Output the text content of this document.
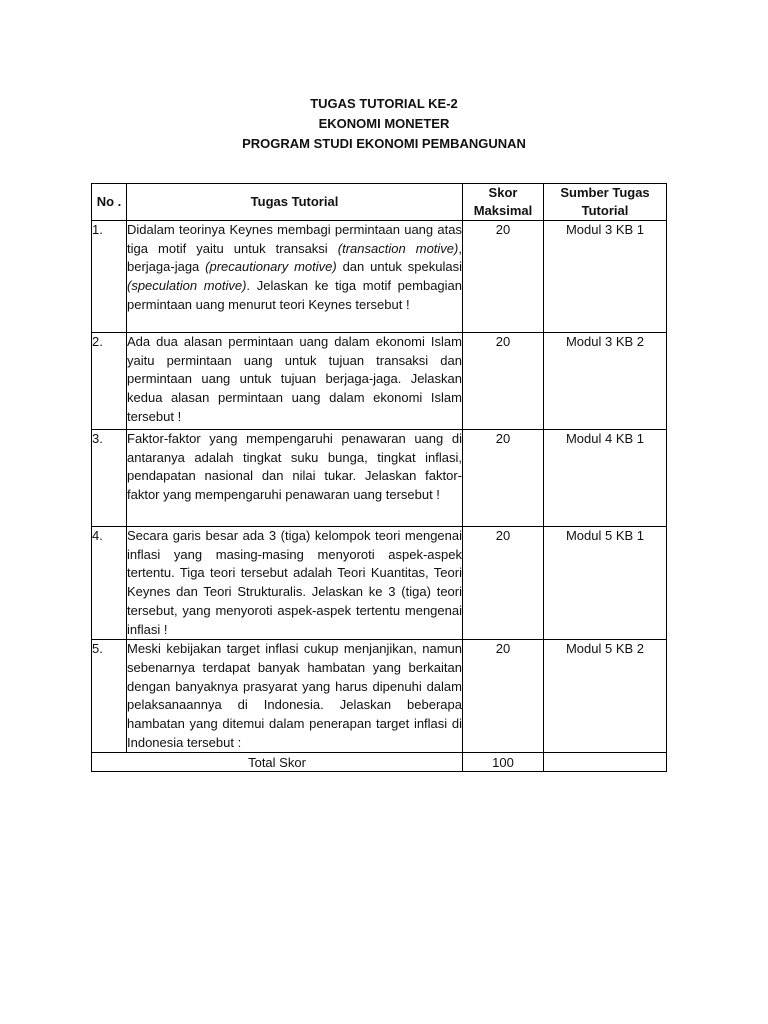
TUGAS TUTORIAL KE-2
EKONOMI MONETER
PROGRAM STUDI EKONOMI PEMBANGUNAN
No .	Tugas Tutorial	Skor Maksimal	Sumber Tugas Tutorial
1.	Didalam teorinya Keynes membagi permintaan uang atas tiga motif yaitu untuk transaksi (transaction motive), berjaga-jaga (precautionary motive) dan untuk spekulasi (speculation motive). Jelaskan ke tiga motif pembagian permintaan uang menurut teori Keynes tersebut !	20	Modul 3 KB 1
2.	Ada dua alasan permintaan uang dalam ekonomi Islam yaitu permintaan uang untuk tujuan transaksi dan permintaan uang untuk tujuan berjaga-jaga. Jelaskan kedua alasan permintaan uang dalam ekonomi Islam tersebut !	20	Modul 3 KB 2
3.	Faktor-faktor yang mempengaruhi penawaran uang di antaranya adalah tingkat suku bunga, tingkat inflasi, pendapatan nasional dan nilai tukar. Jelaskan faktor-faktor yang mempengaruhi penawaran uang tersebut !	20	Modul 4 KB 1
4.	Secara garis besar ada 3 (tiga) kelompok teori mengenai inflasi yang masing-masing menyoroti aspek-aspek tertentu. Tiga teori tersebut adalah Teori Kuantitas, Teori Keynes dan Teori Strukturalis. Jelaskan ke 3 (tiga) teori tersebut, yang menyoroti aspek-aspek tertentu mengenai inflasi !	20	Modul 5 KB 1
5.	Meski kebijakan target inflasi cukup menjanjikan, namun sebenarnya terdapat banyak hambatan yang berkaitan dengan banyaknya prasyarat yang harus dipenuhi dalam pelaksanaannya di Indonesia. Jelaskan beberapa hambatan yang ditemui dalam penerapan target inflasi di Indonesia tersebut :	20	Modul 5 KB 2
Total Skor		100	
